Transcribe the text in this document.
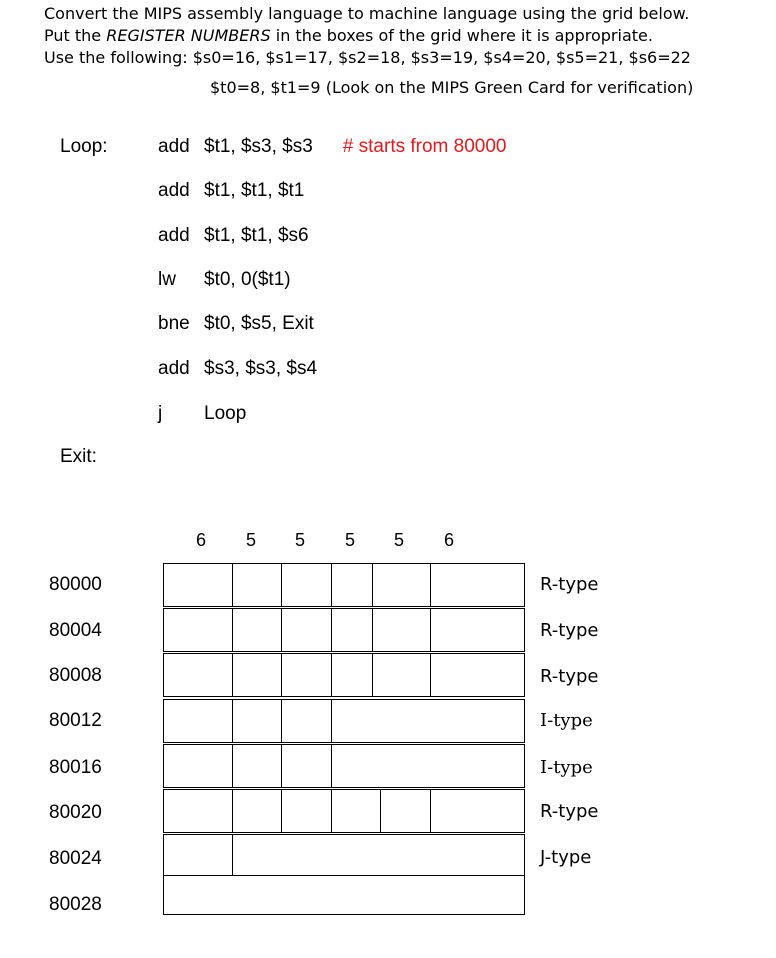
Convert the MIPS assembly language to machine language using the grid below.
Put the REGISTER NUMBERS in the boxes of the grid where it is appropriate.
Use the following: $s0=16, $s1=17, $s2=18, $s3=19, $s4=20, $s5=21, $s6=22
$t0=8, $t1=9 (Look on the MIPS Green Card for verification)
Loop:
Exit:
add $t1, $s3, $s3 # starts from 80000
add $t1, $t1, $t1
add $t1, $t1, $s6
lw $t0, 0($t1)
bne $t0, $s5, Exit
add $s3, $s3, $s4
j Loop
6 5 5 5 5 6
80000
80004
80008
80012
80016
80020
80024
80028
R-type
R-type
R-type
I-type
I-type
R-type
J-type
